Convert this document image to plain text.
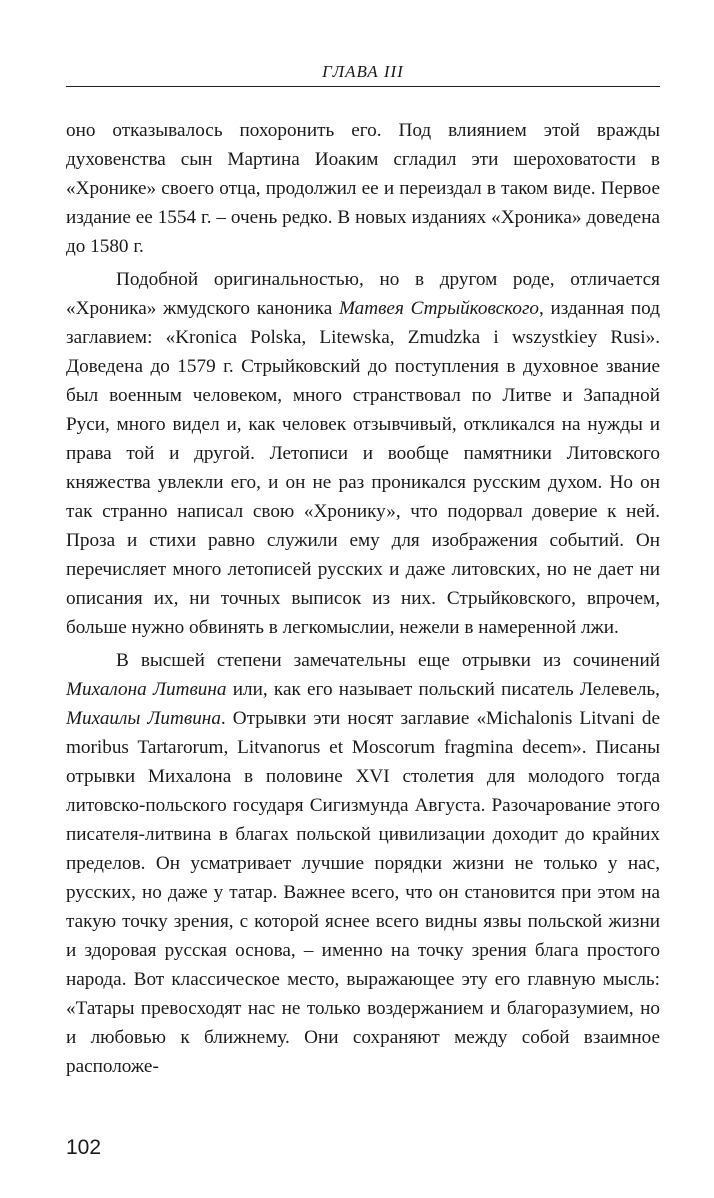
ГЛАВА III

оно отказывалось похоронить его. Под влиянием этой вражды духовенства сын Мартина Иоаким сгладил эти шероховатости в «Хронике» своего отца, продолжил ее и переиздал в таком виде. Первое издание ее 1554 г. – очень редко. В новых изданиях «Хроника» доведена до 1580 г.

Подобной оригинальностью, но в другом роде, отличается «Хроника» жмудского каноника Матвея Стрыйковского, изданная под заглавием: «Kronica Polska, Litewska, Zmudzka i wszystkiey Rusi». Доведена до 1579 г. Стрыйковский до поступления в духовное звание был военным человеком, много странствовал по Литве и Западной Руси, много видел и, как человек отзывчивый, откликался на нужды и права той и другой. Летописи и вообще памятники Литовского княжества увлекли его, и он не раз проникался русским духом. Но он так странно написал свою «Хронику», что подорвал доверие к ней. Проза и стихи равно служили ему для изображения событий. Он перечисляет много летописей русских и даже литовских, но не дает ни описания их, ни точных выписок из них. Стрыйковского, впрочем, больше нужно обвинять в легкомыслии, нежели в намеренной лжи.

В высшей степени замечательны еще отрывки из сочинений Михалона Литвина или, как его называет польский писатель Лелевель, Михаилы Литвина. Отрывки эти носят заглавие «Michalonis Litvani de moribus Tartarorum, Litvanorus et Moscorum fragmina decem». Писаны отрывки Михалона в половине XVI столетия для молодого тогда литовско-польского государя Сигизмунда Августа. Разочарование этого писателя-литвина в благах польской цивилизации доходит до крайних пределов. Он усматривает лучшие порядки жизни не только у нас, русских, но даже у татар. Важнее всего, что он становится при этом на такую точку зрения, с которой яснее всего видны язвы польской жизни и здоровая русская основа, – именно на точку зрения блага простого народа. Вот классическое место, выражающее эту его главную мысль: «Татары превосходят нас не только воздержанием и благоразумием, но и любовью к ближнему. Они сохраняют между собой взаимное расположе-

102
